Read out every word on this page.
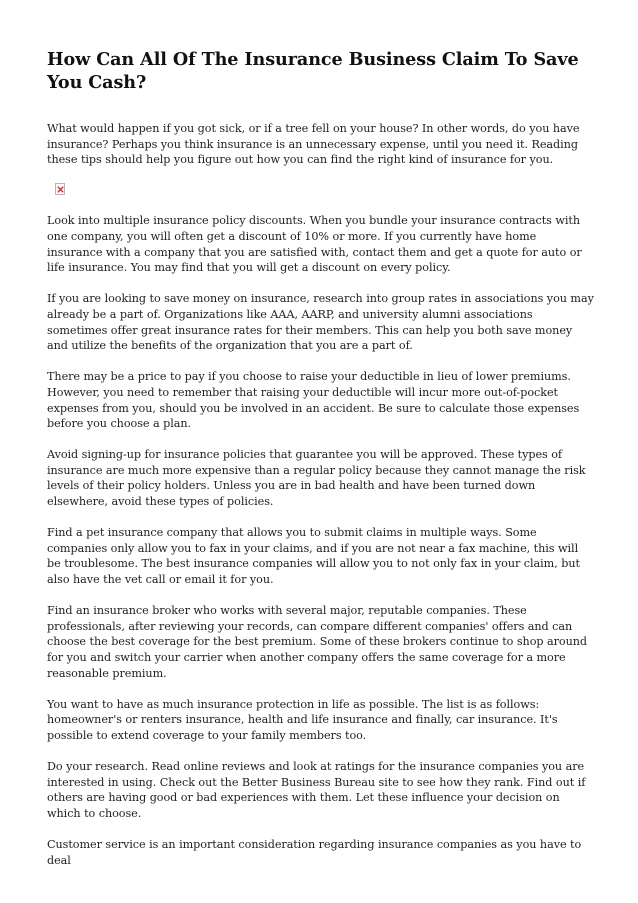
How Can All Of The Insurance Business Claim To Save You Cash?

What would happen if you got sick, or if a tree fell on your house? In other words, do you have insurance? Perhaps you think insurance is an unnecessary expense, until you need it. Reading these tips should help you figure out how you can find the right kind of insurance for you.

Look into multiple insurance policy discounts. When you bundle your insurance contracts with one company, you will often get a discount of 10% or more. If you currently have home insurance with a company that you are satisfied with, contact them and get a quote for auto or life insurance. You may find that you will get a discount on every policy.

If you are looking to save money on insurance, research into group rates in associations you may already be a part of. Organizations like AAA, AARP, and university alumni associations sometimes offer great insurance rates for their members. This can help you both save money and utilize the benefits of the organization that you are a part of.

There may be a price to pay if you choose to raise your deductible in lieu of lower premiums. However, you need to remember that raising your deductible will incur more out-of-pocket expenses from you, should you be involved in an accident. Be sure to calculate those expenses before you choose a plan.

Avoid signing-up for insurance policies that guarantee you will be approved. These types of insurance are much more expensive than a regular policy because they cannot manage the risk levels of their policy holders. Unless you are in bad health and have been turned down elsewhere, avoid these types of policies.

Find a pet insurance company that allows you to submit claims in multiple ways. Some companies only allow you to fax in your claims, and if you are not near a fax machine, this will be troublesome. The best insurance companies will allow you to not only fax in your claim, but also have the vet call or email it for you.

Find an insurance broker who works with several major, reputable companies. These professionals, after reviewing your records, can compare different companies' offers and can choose the best coverage for the best premium. Some of these brokers continue to shop around for you and switch your carrier when another company offers the same coverage for a more reasonable premium.

You want to have as much insurance protection in life as possible. The list is as follows: homeowner's or renters insurance, health and life insurance and finally, car insurance. It's possible to extend coverage to your family members too.

Do your research. Read online reviews and look at ratings for the insurance companies you are interested in using. Check out the Better Business Bureau site to see how they rank. Find out if others are having good or bad experiences with them. Let these influence your decision on which to choose.

Customer service is an important consideration regarding insurance companies as you have to deal
